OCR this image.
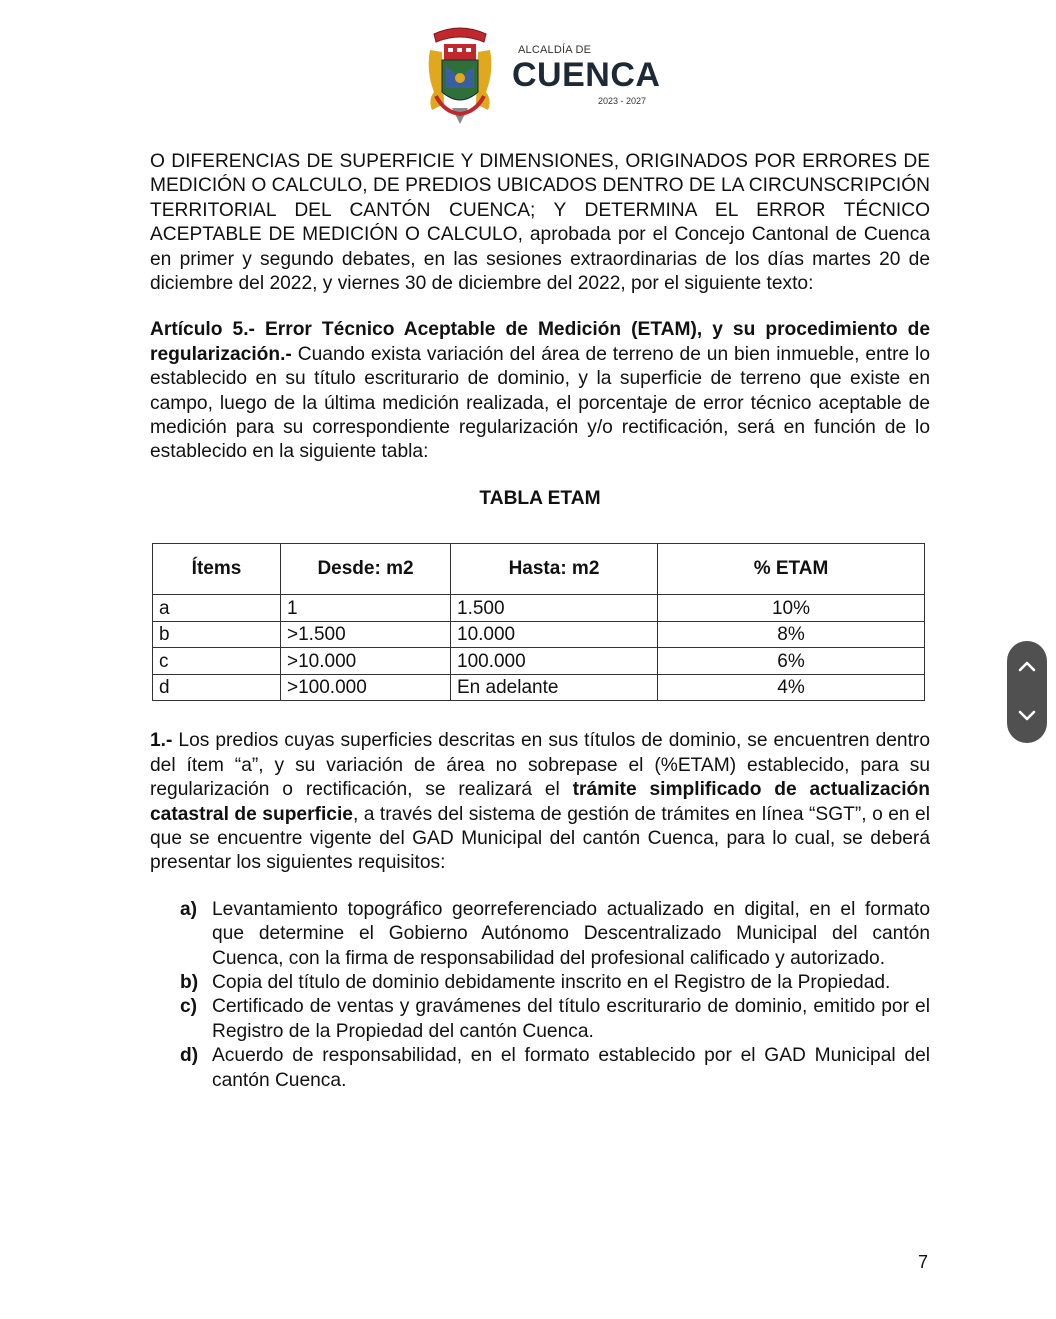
ALCALDÍA DE
CUENCA
2023 - 2027

O DIFERENCIAS DE SUPERFICIE Y DIMENSIONES, ORIGINADOS POR ERRORES DE MEDICIÓN O CALCULO, DE PREDIOS UBICADOS DENTRO DE LA CIRCUNSCRIPCIÓN TERRITORIAL DEL CANTÓN CUENCA; Y DETERMINA EL ERROR TÉCNICO ACEPTABLE DE MEDICIÓN O CALCULO, aprobada por el Concejo Cantonal de Cuenca en primer y segundo debates, en las sesiones extraordinarias de los días martes 20 de diciembre del 2022, y viernes 30 de diciembre del 2022, por el siguiente texto:

Artículo 5.- Error Técnico Aceptable de Medición (ETAM), y su procedimiento de regularización.- Cuando exista variación del área de terreno de un bien inmueble, entre lo establecido en su título escriturario de dominio, y la superficie de terreno que existe en campo, luego de la última medición realizada, el porcentaje de error técnico aceptable de medición para su correspondiente regularización y/o rectificación, será en función de lo establecido en la siguiente tabla:

TABLA ETAM

Ítems	Desde: m2	Hasta: m2	% ETAM
a	1	1.500	10%
b	>1.500	10.000	8%
c	>10.000	100.000	6%
d	>100.000	En adelante	4%

1.- Los predios cuyas superficies descritas en sus títulos de dominio, se encuentren dentro del ítem “a”, y su variación de área no sobrepase el (%ETAM) establecido, para su regularización o rectificación, se realizará el trámite simplificado de actualización catastral de superficie, a través del sistema de gestión de trámites en línea “SGT”, o en el que se encuentre vigente del GAD Municipal del cantón Cuenca, para lo cual, se deberá presentar los siguientes requisitos:

a) Levantamiento topográfico georreferenciado actualizado en digital, en el formato que determine el Gobierno Autónomo Descentralizado Municipal del cantón Cuenca, con la firma de responsabilidad del profesional calificado y autorizado.
b) Copia del título de dominio debidamente inscrito en el Registro de la Propiedad.
c) Certificado de ventas y gravámenes del título escriturario de dominio, emitido por el Registro de la Propiedad del cantón Cuenca.
d) Acuerdo de responsabilidad, en el formato establecido por el GAD Municipal del cantón Cuenca.
7
